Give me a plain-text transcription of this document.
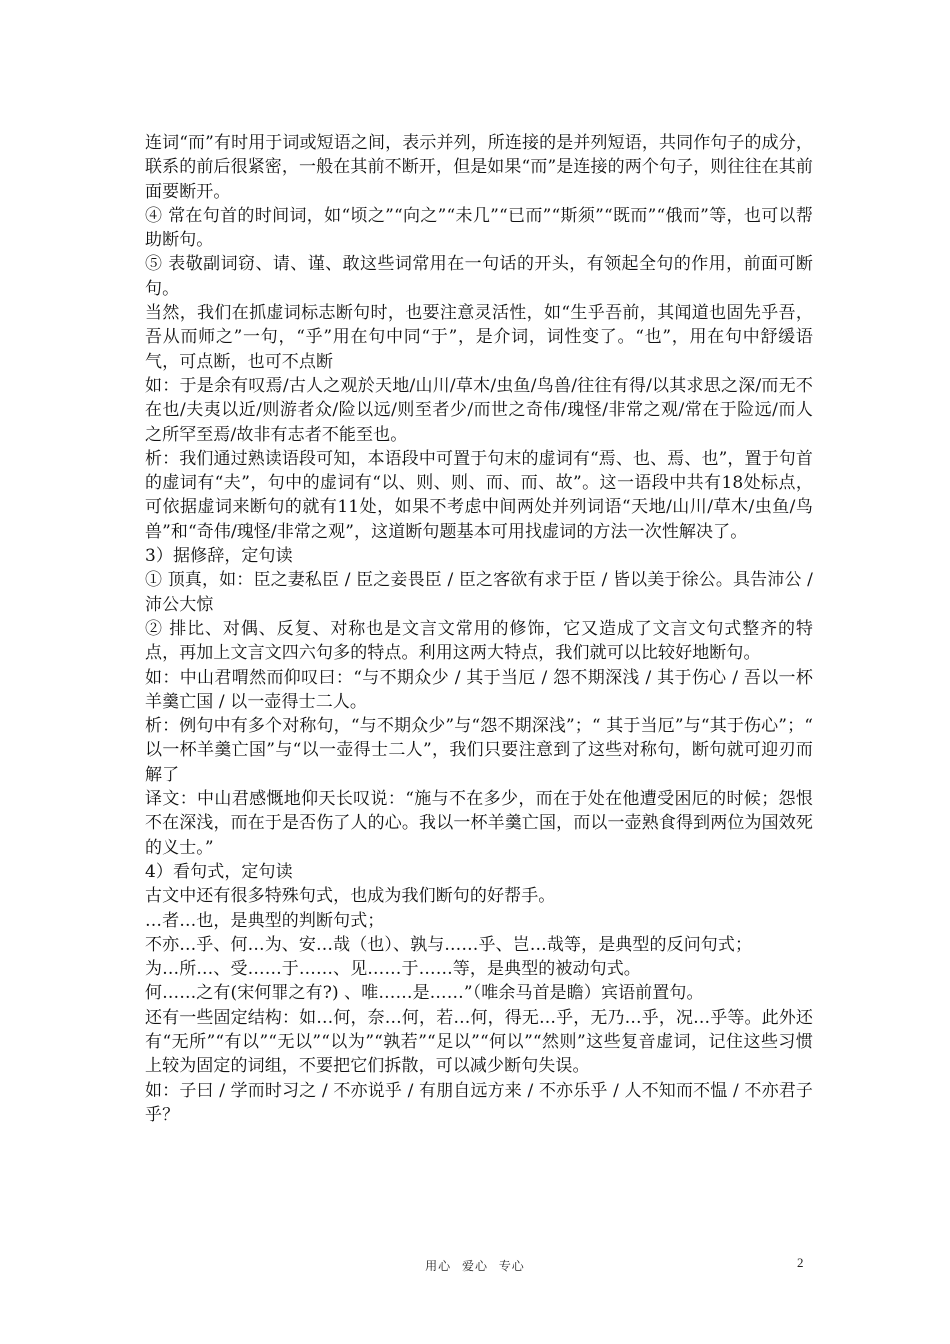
连词“而”有时用于词或短语之间，表示并列，所连接的是并列短语，共同作句子的成分，联系的前后很紧密，一般在其前不断开，但是如果“而”是连接的两个句子，则往往在其前面要断开。

④ 常在句首的时间词，如“顷之”“向之”“未几”“已而”“斯须”“既而”“俄而”等，也可以帮助断句。

⑤ 表敬副词窃、请、谨、敢这些词常用在一句话的开头，有领起全句的作用，前面可断句。

当然，我们在抓虚词标志断句时，也要注意灵活性，如“生乎吾前，其闻道也固先乎吾，吾从而师之”一句，“乎”用在句中同“于”，是介词，词性变了。“也”，用在句中舒缓语气，可点断，也可不点断

如：于是余有叹焉/古人之观於天地/山川/草木/虫鱼/鸟兽/往往有得/以其求思之深/而无不在也/夫夷以近/则游者众/险以远/则至者少/而世之奇伟/瑰怪/非常之观/常在于险远/而人之所罕至焉/故非有志者不能至也。

析：我们通过熟读语段可知，本语段中可置于句末的虚词有“焉、也、焉、也”，置于句首的虚词有“夫”，句中的虚词有“以、则、则、而、而、故”。这一语段中共有18处标点，可依据虚词来断句的就有11处，如果不考虑中间两处并列词语“天地/山川/草木/虫鱼/鸟兽”和“奇伟/瑰怪/非常之观”，这道断句题基本可用找虚词的方法一次性解决了。

3）据修辞，定句读

① 顶真，如：臣之妻私臣 / 臣之妾畏臣 / 臣之客欲有求于臣 / 皆以美于徐公。具告沛公 / 沛公大惊

② 排比、对偶、反复、对称也是文言文常用的修饰，它又造成了文言文句式整齐的特点，再加上文言文四六句多的特点。利用这两大特点，我们就可以比较好地断句。

如：中山君喟然而仰叹曰：“与不期众少 / 其于当厄 / 怨不期深浅 / 其于伤心 / 吾以一杯羊羹亡国 / 以一壶得士二人。

析：例句中有多个对称句，“与不期众少”与“怨不期深浅”；“ 其于当厄”与“其于伤心”；“ 以一杯羊羹亡国”与“以一壶得士二人”，我们只要注意到了这些对称句，断句就可迎刃而解了

译文：中山君感慨地仰天长叹说：“施与不在多少，而在于处在他遭受困厄的时候；怨恨不在深浅，而在于是否伤了人的心。我以一杯羊羹亡国，而以一壶熟食得到两位为国效死的义士。”

4）看句式，定句读

古文中还有很多特殊句式，也成为我们断句的好帮手。

…者…也，是典型的判断句式；

不亦…乎、何…为、安…哉（也）、孰与……乎、岂…哉等，是典型的反问句式；

为…所…、受……于……、见……于……等，是典型的被动句式。

何……之有(宋何罪之有?) 、唯……是……”（唯余马首是瞻）宾语前置句。

还有一些固定结构：如…何，奈…何，若…何，得无…乎，无乃…乎，况…乎等。此外还有“无所”“有以”“无以”“以为”“孰若”“足以”“何以”“然则”这些复音虚词，记住这些习惯上较为固定的词组，不要把它们拆散，可以减少断句失误。

如：子曰 / 学而时习之 / 不亦说乎 / 有朋自远方来 / 不亦乐乎 / 人不知而不愠 / 不亦君子乎？

用心 爱心 专心	2
